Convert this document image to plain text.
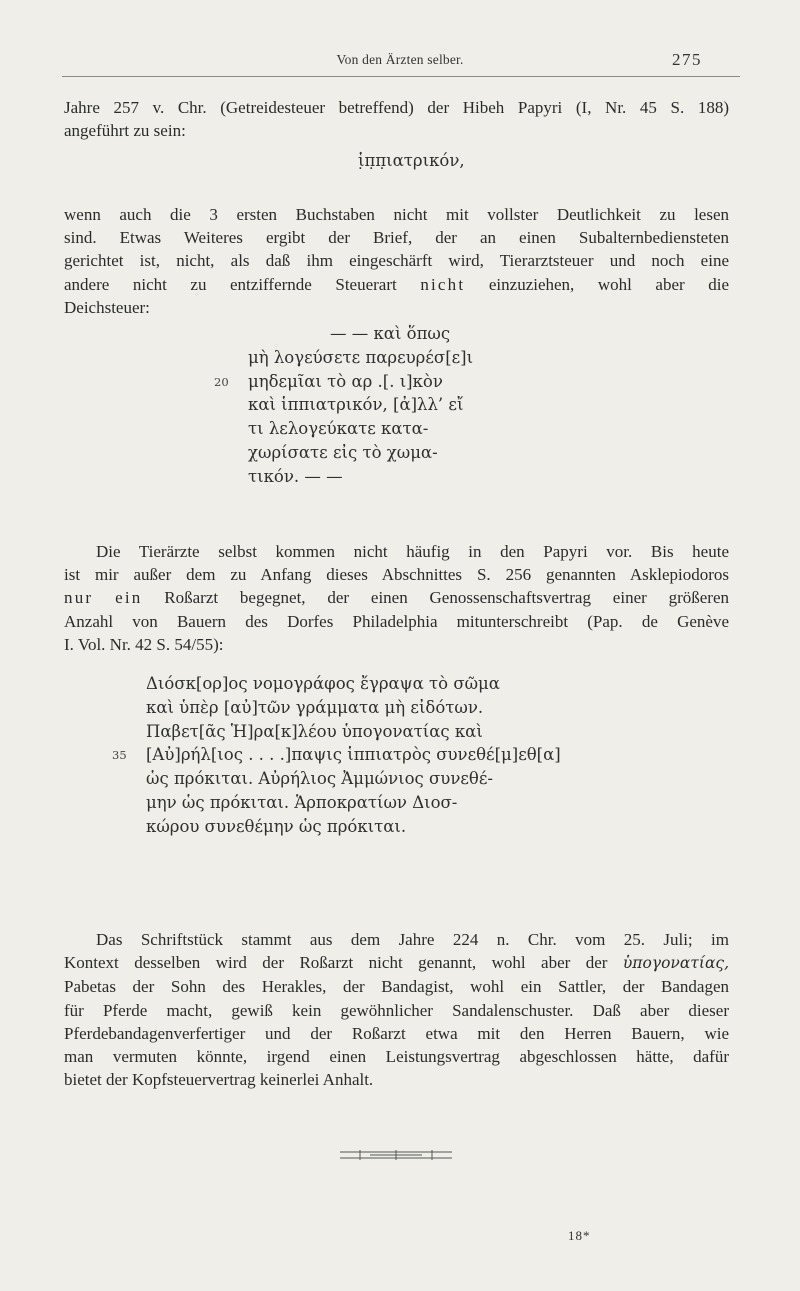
Von den Ärzten selber.	275
Jahre 257 v. Chr. (Getreidesteuer betreffend) der Hibeh Papyri (I, Nr. 45 S. 188)
angeführt zu sein:
ἱ̣π̣π̣ιατρικόν,
wenn auch die 3 ersten Buchstaben nicht mit vollster Deutlichkeit zu lesen
sind. Etwas Weiteres ergibt der Brief, der an einen Subalternbediensteten
gerichtet ist, nicht, als daß ihm eingeschärft wird, Tierarztsteuer und noch eine
andere nicht zu entziffernde Steuerart nicht einzuziehen, wohl aber die
Deichsteuer:
— — καὶ ὅπως
μὴ λογεύσετε παρευρέσ[ε]ι
20 μηδεμῖαι τὸ αρ .[. ι]κὸν
καὶ ἱππιατρικόν, [ἀ]λλ’ εἴ
τι λελογεύκατε κατα-
χωρίσατε εἰς τὸ χωμα-
τικόν. — —
Die Tierärzte selbst kommen nicht häufig in den Papyri vor. Bis heute
ist mir außer dem zu Anfang dieses Abschnittes S. 256 genannten Asklepiodoros
nur ein Roßarzt begegnet, der einen Genossenschaftsvertrag einer größeren
Anzahl von Bauern des Dorfes Philadelphia mitunterschreibt (Pap. de Genève
I. Vol. Nr. 42 S. 54/55):
Διόσκ[ορ]ος νομογράφος ἔγραψα τὸ σῶμα
καὶ ὑπὲρ [αὐ]τῶν γράμματα μὴ εἰδότων.
Παβετ[ᾶς Ἡ]ρα[κ]λέου ὑπογονατίας καὶ
35 [Αὐ]ρήλ[ιος . . . .]παψις ἱππιατρὸς συνεθέ[μ]εθ[α]
ὡς πρόκιται. Αὐρήλιος Ἀμμώνιος συνεθέ-
μην ὡς πρόκιται. Ἁρποκρατίων Διοσ-
κώρου συνεθέμην ὡς πρόκιται.
Das Schriftstück stammt aus dem Jahre 224 n. Chr. vom 25. Juli; im
Kontext desselben wird der Roßarzt nicht genannt, wohl aber der ὑπογονατίας,
Pabetas der Sohn des Herakles, der Bandagist, wohl ein Sattler, der Bandagen
für Pferde macht, gewiß kein gewöhnlicher Sandalenschuster. Daß aber dieser
Pferdebandagenverfertiger und der Roßarzt etwa mit den Herren Bauern, wie
man vermuten könnte, irgend einen Leistungsvertrag abgeschlossen hätte, dafür
bietet der Kopfsteuervertrag keinerlei Anhalt.
18*
